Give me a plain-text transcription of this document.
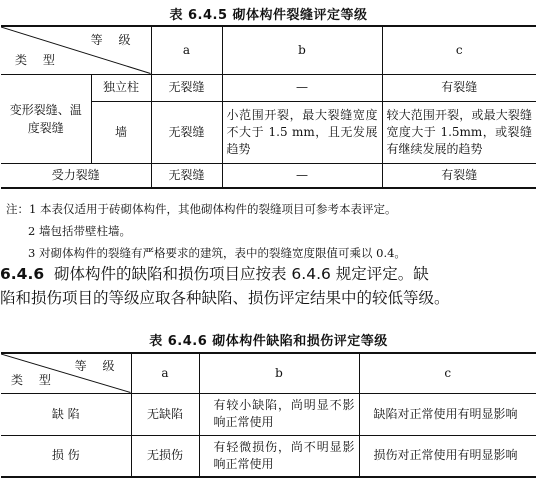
表 6.4.5 砌体构件裂缝评定等级
等 级
类 型		a	b	c
变形裂缝、温度裂缝	独立柱	无裂缝	—	有裂缝
	墙	无裂缝	小范围开裂，最大裂缝宽度不大于 1.5 mm，且无发展趋势	较大范围开裂，或最大裂缝宽度大于 1.5mm，或裂缝有继续发展的趋势
受力裂缝		无裂缝	—	有裂缝
注：1 本表仅适用于砖砌体构件，其他砌体构件的裂缝项目可参考本表评定。
2 墙包括带壁柱墙。
3 对砌体构件的裂缝有严格要求的建筑，表中的裂缝宽度限值可乘以 0.4。
6.4.6 砌体构件的缺陷和损伤项目应按表 6.4.6 规定评定。缺
陷和损伤项目的等级应取各种缺陷、损伤评定结果中的较低等级。
表 6.4.6 砌体构件缺陷和损伤评定等级
等 级
类 型	a	b	c
缺 陷	无缺陷	有较小缺陷，尚明显不影响正常使用	缺陷对正常使用有明显影响
损 伤	无损伤	有轻微损伤，尚不明显影响正常使用	损伤对正常使用有明显影响
